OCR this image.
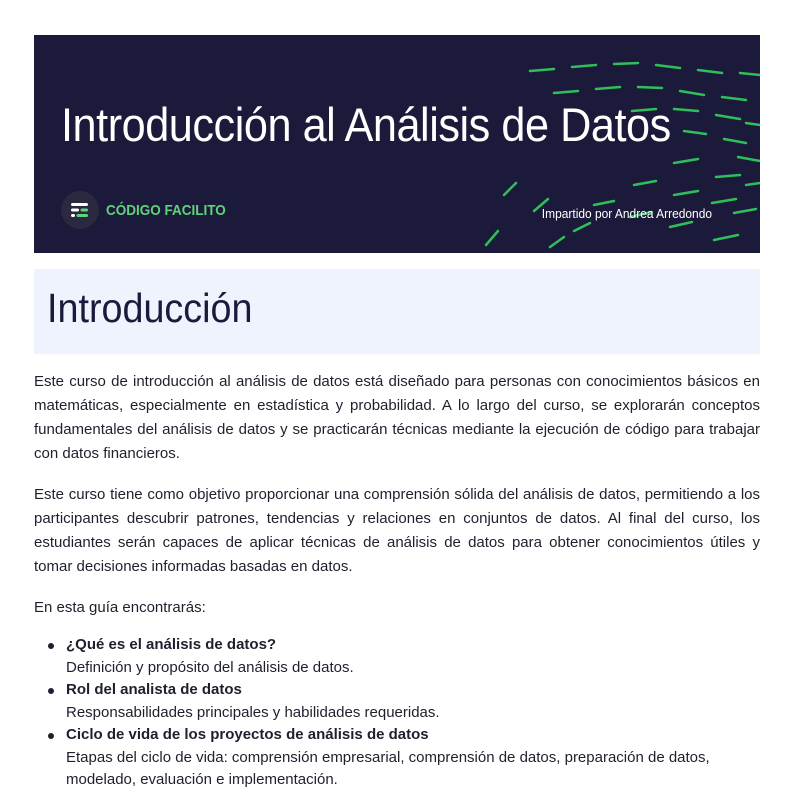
Introducción al Análisis de Datos
CÓDIGO FACILITO	Impartido por Andrea Arredondo
Introducción

Este curso de introducción al análisis de datos está diseñado para personas con conocimientos básicos en matemáticas, especialmente en estadística y probabilidad. A lo largo del curso, se explorarán conceptos fundamentales del análisis de datos y se practicarán técnicas mediante la ejecución de código para trabajar con datos financieros.

Este curso tiene como objetivo proporcionar una comprensión sólida del análisis de datos, permitiendo a los participantes descubrir patrones, tendencias y relaciones en conjuntos de datos. Al final del curso, los estudiantes serán capaces de aplicar técnicas de análisis de datos para obtener conocimientos útiles y tomar decisiones informadas basadas en datos.

En esta guía encontrarás:

¿Qué es el análisis de datos?
Definición y propósito del análisis de datos.
Rol del analista de datos
Responsabilidades principales y habilidades requeridas.
Ciclo de vida de los proyectos de análisis de datos
Etapas del ciclo de vida: comprensión empresarial, comprensión de datos, preparación de datos, modelado, evaluación e implementación.
